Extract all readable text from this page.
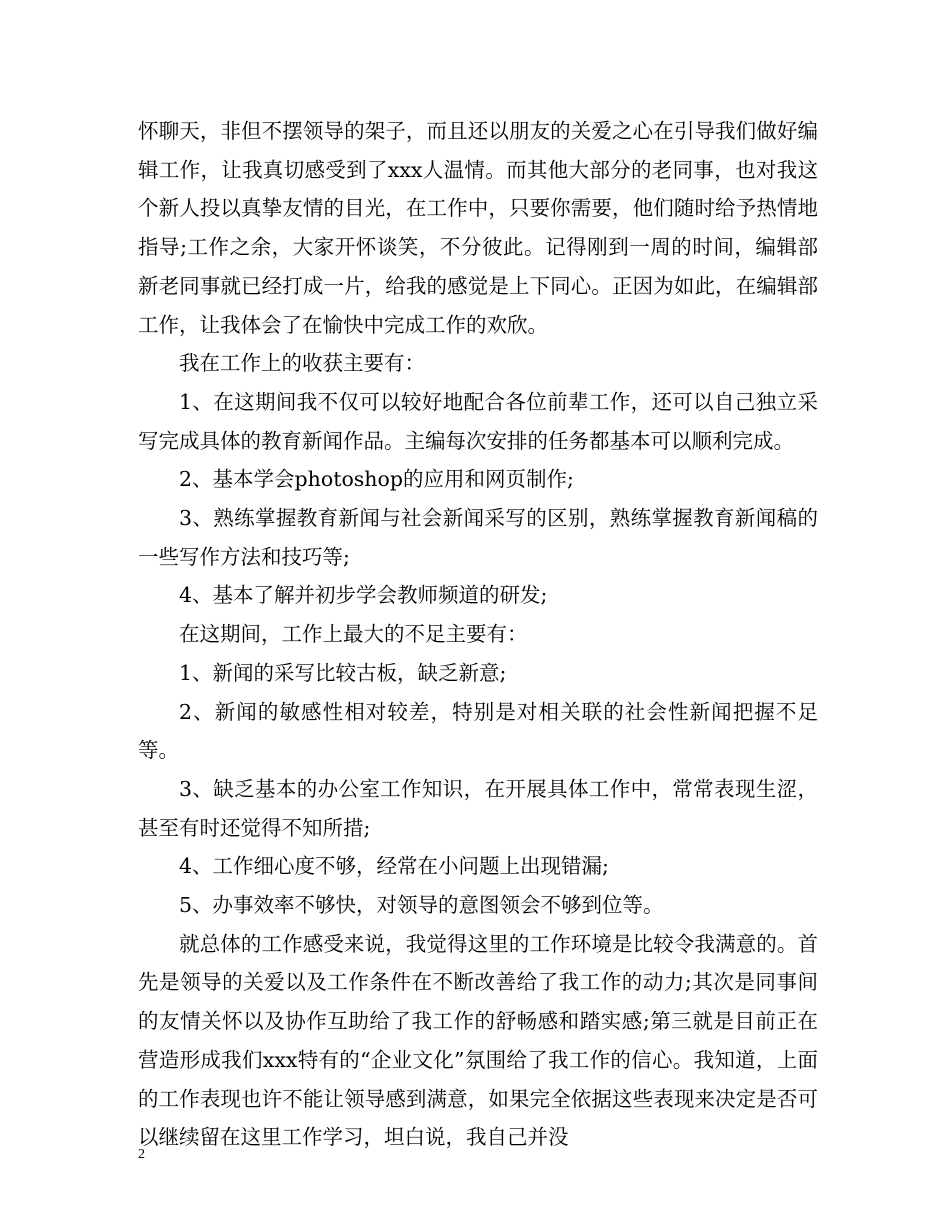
怀聊天，非但不摆领导的架子，而且还以朋友的关爱之心在引导我们做好编辑工作，让我真切感受到了xxx人温情。而其他大部分的老同事，也对我这个新人投以真挚友情的目光，在工作中，只要你需要，他们随时给予热情地指导;工作之余，大家开怀谈笑，不分彼此。记得刚到一周的时间，编辑部新老同事就已经打成一片，给我的感觉是上下同心。正因为如此，在编辑部工作，让我体会了在愉快中完成工作的欢欣。

我在工作上的收获主要有：

1、在这期间我不仅可以较好地配合各位前辈工作，还可以自己独立采写完成具体的教育新闻作品。主编每次安排的任务都基本可以顺利完成。

2、基本学会photoshop的应用和网页制作;

3、熟练掌握教育新闻与社会新闻采写的区别，熟练掌握教育新闻稿的一些写作方法和技巧等;

4、基本了解并初步学会教师频道的研发;

在这期间，工作上最大的不足主要有：

1、新闻的采写比较古板，缺乏新意;

2、新闻的敏感性相对较差，特别是对相关联的社会性新闻把握不足等。

3、缺乏基本的办公室工作知识，在开展具体工作中，常常表现生涩，甚至有时还觉得不知所措;

4、工作细心度不够，经常在小问题上出现错漏;

5、办事效率不够快，对领导的意图领会不够到位等。

就总体的工作感受来说，我觉得这里的工作环境是比较令我满意的。首先是领导的关爱以及工作条件在不断改善给了我工作的动力;其次是同事间的友情关怀以及协作互助给了我工作的舒畅感和踏实感;第三就是目前正在营造形成我们xxx特有的“企业文化”氛围给了我工作的信心。我知道，上面的工作表现也许不能让领导感到满意，如果完全依据这些表现来决定是否可以继续留在这里工作学习，坦白说，我自己并没

2
